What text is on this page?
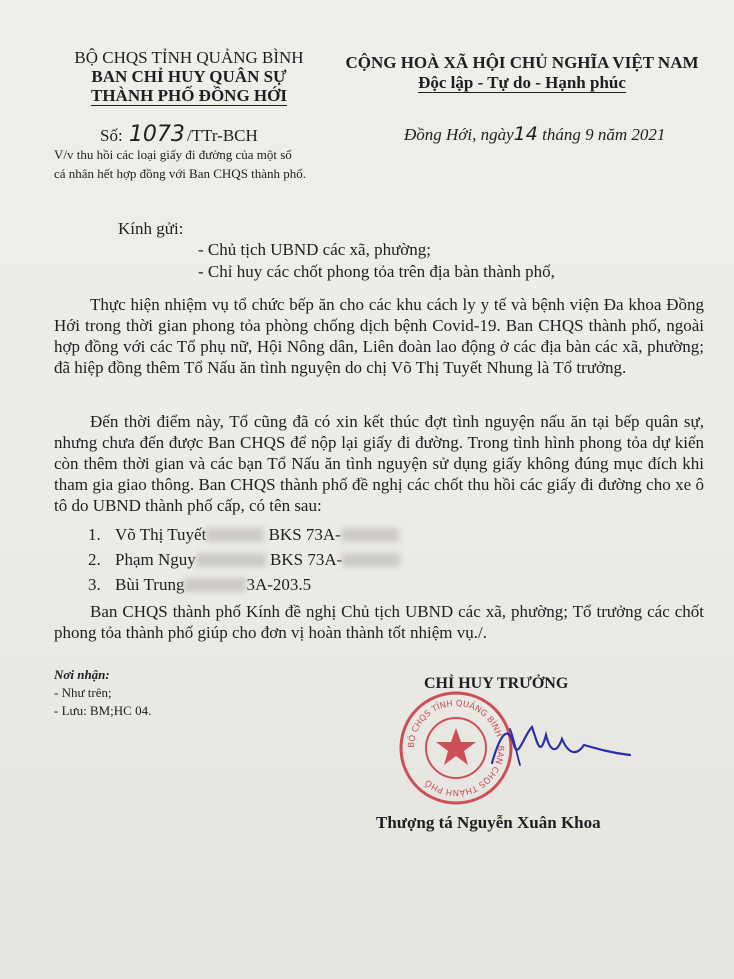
BỘ CHQS TỈNH QUẢNG BÌNH
BAN CHỈ HUY QUÂN SỰ
THÀNH PHỐ ĐỒNG HỚI
CỘNG HOÀ XÃ HỘI CHỦ NGHĨA VIỆT NAM
Độc lập - Tự do - Hạnh phúc
Số: 1073 /TTr-BCH	Đồng Hới, ngày14 tháng 9 năm 2021
V/v thu hồi các loại giấy đi đường của một số
cá nhân hết hợp đồng với Ban CHQS thành phố.
Kính gửi:
- Chủ tịch UBND các xã, phường;
- Chỉ huy các chốt phong tỏa trên địa bàn thành phố,
Thực hiện nhiệm vụ tổ chức bếp ăn cho các khu cách ly y tế và bệnh viện Đa khoa Đồng Hới trong thời gian phong tỏa phòng chống dịch bệnh Covid-19. Ban CHQS thành phố, ngoài hợp đồng với các Tổ phụ nữ, Hội Nông dân, Liên đoàn lao động ở các địa bàn các xã, phường; đã hiệp đồng thêm Tổ Nấu ăn tình nguyện do chị Võ Thị Tuyết Nhung là Tổ trưởng.
Đến thời điểm này, Tổ cũng đã có xin kết thúc đợt tình nguyện nấu ăn tại bếp quân sự, nhưng chưa đến được Ban CHQS để nộp lại giấy đi đường. Trong tình hình phong tỏa dự kiến còn thêm thời gian và các bạn Tổ Nấu ăn tình nguyện sử dụng giấy không đúng mục đích khi tham gia giao thông. Ban CHQS thành phố đề nghị các chốt thu hồi các giấy đi đường cho xe ô tô do UBND thành phố cấp, có tên sau:
1. Võ Thị Tuyết	BKS 73A-
2. Phạm Nguy	BKS 73A-
3. Bùi Trung	3A-203.5
Ban CHQS thành phố Kính đề nghị Chủ tịch UBND các xã, phường; Tổ trưởng các chốt phong tỏa thành phố giúp cho đơn vị hoàn thành tốt nhiệm vụ./.
Nơi nhận:
- Như trên;
- Lưu: BM;HC 04.
CHỈ HUY TRƯỞNG
BỘ CHQS TỈNH QUẢNG BÌNH · BAN CHQS THÀNH PHỐ
Thượng tá Nguyễn Xuân Khoa
